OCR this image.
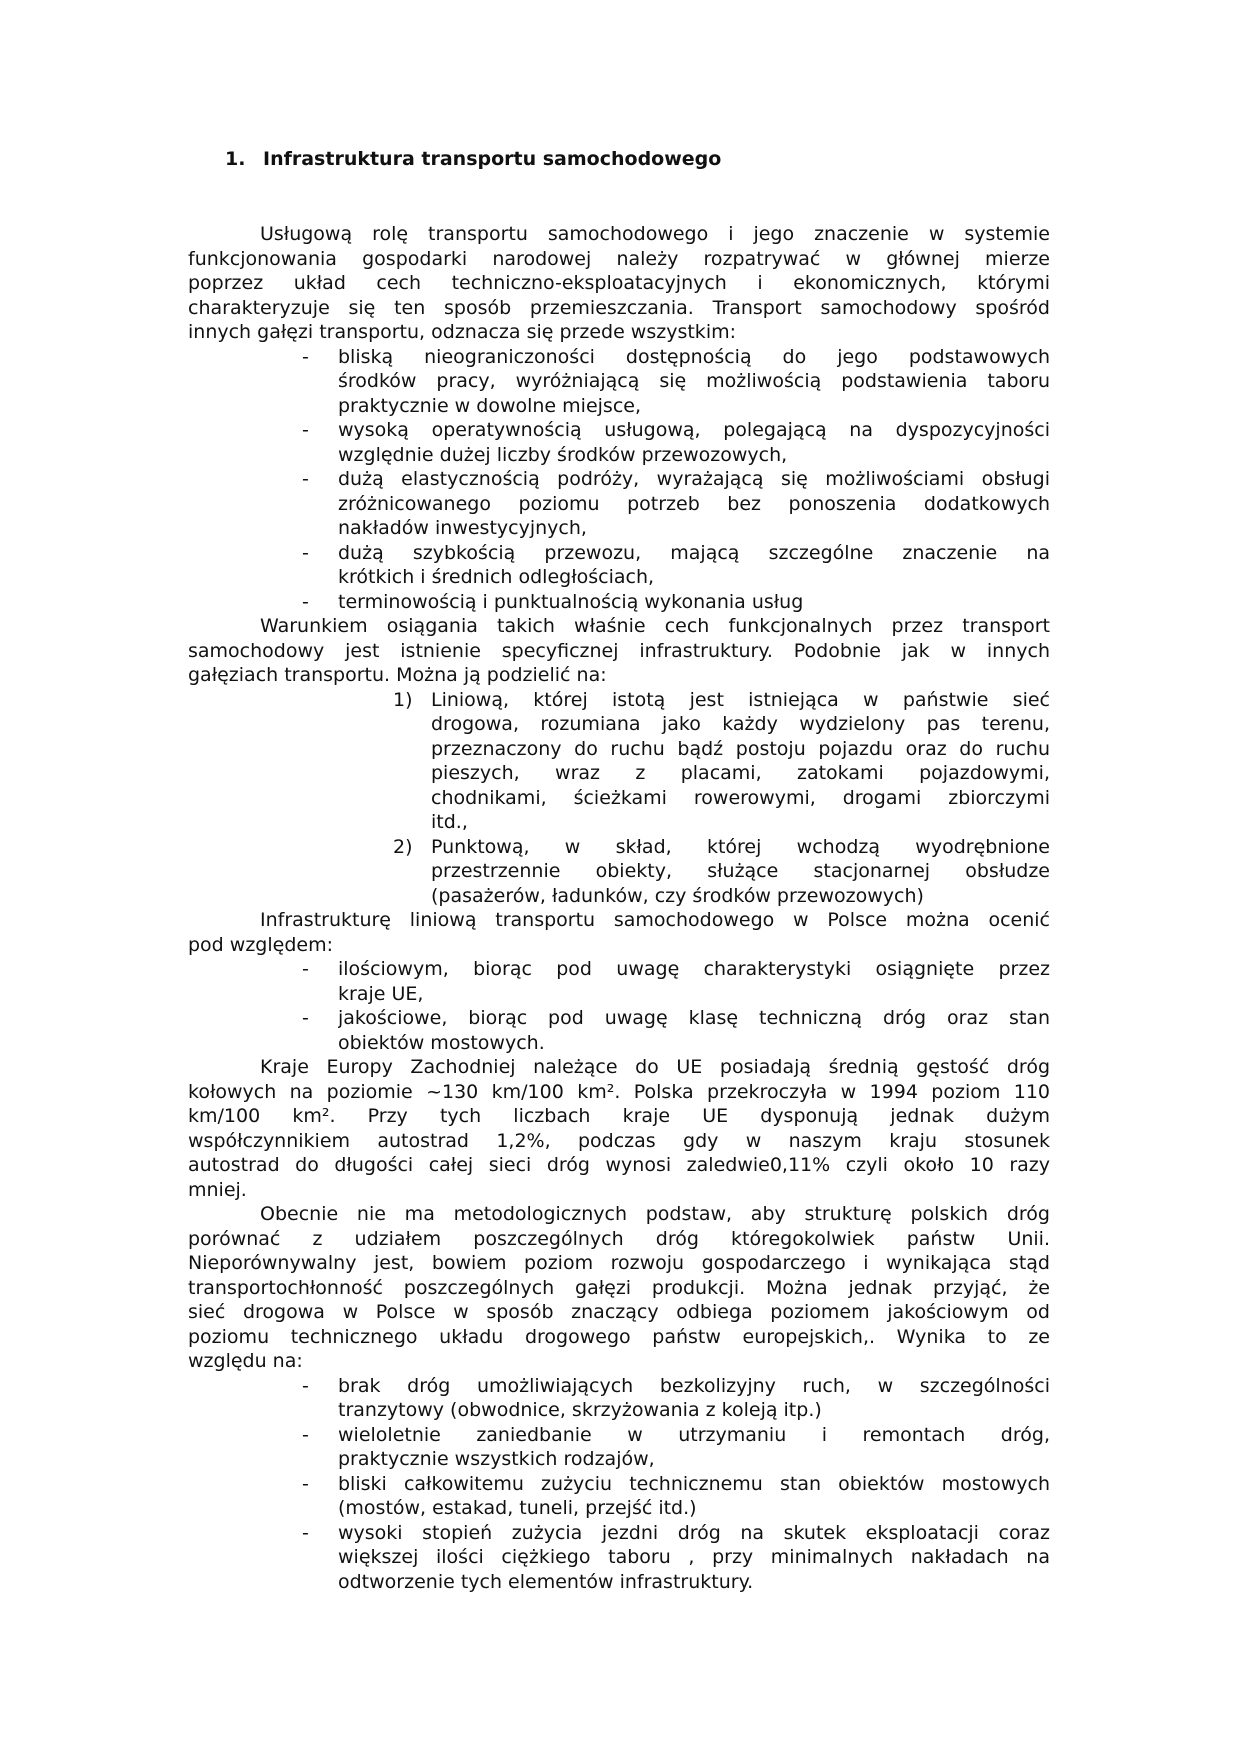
1. Infrastruktura transportu samochodowego
Usługową rolę transportu samochodowego i jego znaczenie w systemie
funkcjonowania gospodarki narodowej należy rozpatrywać w głównej mierze
poprzez układ cech techniczno-eksploatacyjnych i ekonomicznych, którymi
charakteryzuje się ten sposób przemieszczania. Transport samochodowy spośród
innych gałęzi transportu, odznacza się przede wszystkim:
- bliską nieograniczoności dostępnością do jego podstawowych
środków pracy, wyróżniającą się możliwością podstawienia taboru
praktycznie w dowolne miejsce,
- wysoką operatywnością usługową, polegającą na dyspozycyjności
względnie dużej liczby środków przewozowych,
- dużą elastycznością podróży, wyrażającą się możliwościami obsługi
zróżnicowanego poziomu potrzeb bez ponoszenia dodatkowych
nakładów inwestycyjnych,
- dużą szybkością przewozu, mającą szczególne znaczenie na
krótkich i średnich odległościach,
- terminowością i punktualnością wykonania usług
Warunkiem osiągania takich właśnie cech funkcjonalnych przez transport
samochodowy jest istnienie specyficznej infrastruktury. Podobnie jak w innych
gałęziach transportu. Można ją podzielić na:
1) Liniową, której istotą jest istniejąca w państwie sieć
drogowa, rozumiana jako każdy wydzielony pas terenu,
przeznaczony do ruchu bądź postoju pojazdu oraz do ruchu
pieszych, wraz z placami, zatokami pojazdowymi,
chodnikami, ścieżkami rowerowymi, drogami zbiorczymi
itd.,
2) Punktową, w skład, której wchodzą wyodrębnione
przestrzennie obiekty, służące stacjonarnej obsłudze
(pasażerów, ładunków, czy środków przewozowych)
Infrastrukturę liniową transportu samochodowego w Polsce można ocenić
pod względem:
- ilościowym, biorąc pod uwagę charakterystyki osiągnięte przez
kraje UE,
- jakościowe, biorąc pod uwagę klasę techniczną dróg oraz stan
obiektów mostowych.
Kraje Europy Zachodniej należące do UE posiadają średnią gęstość dróg
kołowych na poziomie ~130 km/100 km². Polska przekroczyła w 1994 poziom 110
km/100 km². Przy tych liczbach kraje UE dysponują jednak dużym
współczynnikiem autostrad 1,2%, podczas gdy w naszym kraju stosunek
autostrad do długości całej sieci dróg wynosi zaledwie0,11% czyli około 10 razy
mniej.
Obecnie nie ma metodologicznych podstaw, aby strukturę polskich dróg
porównać z udziałem poszczególnych dróg któregokolwiek państw Unii.
Nieporównywalny jest, bowiem poziom rozwoju gospodarczego i wynikająca stąd
transportochłonność poszczególnych gałęzi produkcji. Można jednak przyjąć, że
sieć drogowa w Polsce w sposób znaczący odbiega poziomem jakościowym od
poziomu technicznego układu drogowego państw europejskich,. Wynika to ze
względu na:
- brak dróg umożliwiających bezkolizyjny ruch, w szczególności
tranzytowy (obwodnice, skrzyżowania z koleją itp.)
- wieloletnie zaniedbanie w utrzymaniu i remontach dróg,
praktycznie wszystkich rodzajów,
- bliski całkowitemu zużyciu technicznemu stan obiektów mostowych
(mostów, estakad, tuneli, przejść itd.)
- wysoki stopień zużycia jezdni dróg na skutek eksploatacji coraz
większej ilości ciężkiego taboru , przy minimalnych nakładach na
odtworzenie tych elementów infrastruktury.
